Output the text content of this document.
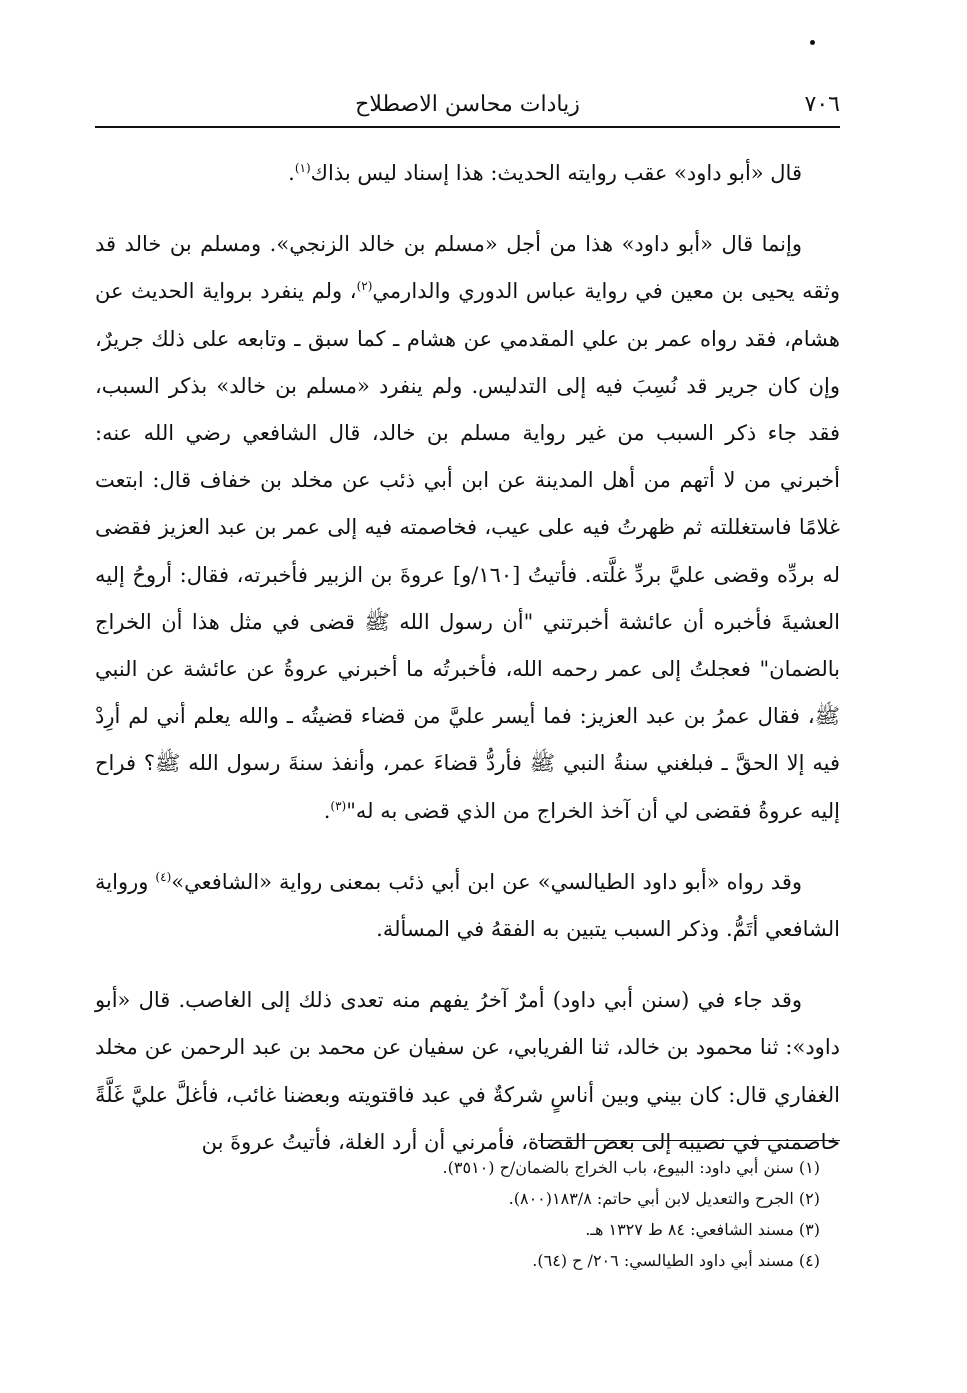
٧٠٦
زيادات محاسن الاصطلاح

قال «أبو داود» عقب روايته الحديث: هذا إسناد ليس بذاك$^{(١)}$.

وإنما قال «أبو داود» هذا من أجل «مسلم بن خالد الزنجي». ومسلم بن خالد قد وثقه يحيى بن معين في رواية عباس الدوري والدارمي$^{(٢)}$، ولم ينفرد برواية الحديث عن هشام، فقد رواه عمر بن علي المقدمي عن هشام ـ كما سبق ـ وتابعه على ذلك جريرٌ، وإن كان جرير قد نُسِبَ فيه إلى التدليس. ولم ينفرد «مسلم بن خالد» بذكر السبب، فقد جاء ذكر السبب من غير رواية مسلم بن خالد، قال الشافعي رضي الله عنه: أخبرني من لا أتهم من أهل المدينة عن ابن أبي ذئب عن مخلد بن خفاف قال: ابتعت غلامًا فاستغللته ثم ظهرتُ فيه على عيب، فخاصمته فيه إلى عمر بن عبد العزيز فقضى له بردِّه وقضى عليَّ بردِّ غلَّته. فأتيتُ [١٦٠/و] عروةَ بن الزبير فأخبرته، فقال: أروحُ إليه العشيةَ فأخبره أن عائشة أخبرتني "أن رسول الله ﷺ قضى في مثل هذا أن الخراج بالضمان" فعجلتُ إلى عمر رحمه الله، فأخبرتُه ما أخبرني عروةُ عن عائشة عن النبي ﷺ، فقال عمرُ بن عبد العزيز: فما أيسر عليَّ من قضاء قضيتُه ـ والله يعلم أني لم أرِدْ فيه إلا الحقَّ ـ فبلغني سنةُ النبي ﷺ فأردُّ قضاءَ عمر، وأنفذ سنةَ رسول الله ﷺ؟ فراح إليه عروةُ فقضى لي أن آخذ الخراج من الذي قضى به له"$^{(٣)}$.

وقد رواه «أبو داود الطيالسي» عن ابن أبي ذئب بمعنى رواية «الشافعي»$^{(٤)}$ ورواية الشافعي أتَمُّ. وذكر السبب يتبين به الفقهُ في المسألة.

وقد جاء في (سنن أبي داود) أمرٌ آخرُ يفهم منه تعدى ذلك إلى الغاصب. قال «أبو داود»: ثنا محمود بن خالد، ثنا الفريابي، عن سفيان عن محمد بن عبد الرحمن عن مخلد الغفاري قال: كان بيني وبين أناسٍ شركةٌ في عبد فاقتويته وبعضنا غائب، فأغلَّ عليَّ غَلَّةً خاصمني في نصيبه إلى بعض القضاة، فأمرني أن أرد الغلة، فأتيتُ عروةَ بن

(١) سنن أبي داود: البيوع، باب الخراج بالضمان/ح (٣٥١٠).

(٢) الجرح والتعديل لابن أبي حاتم: ١٨٣/٨(٨٠٠).

(٣) مسند الشافعي: ٨٤ ط ١٣٢٧ هـ.

(٤) مسند أبي داود الطيالسي: ٢٠٦/ ح (٦٤).
